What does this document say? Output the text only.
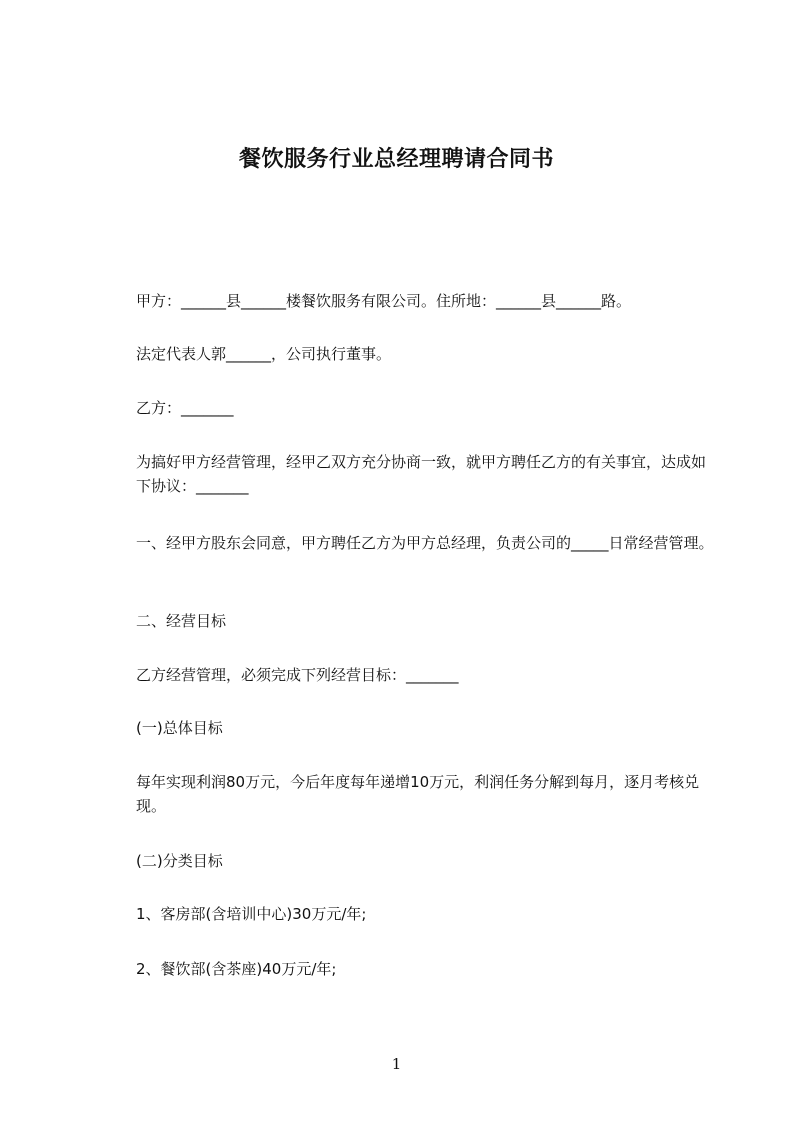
餐饮服务行业总经理聘请合同书

甲方：______县______楼餐饮服务有限公司。住所地：______县______路。

法定代表人郭______，公司执行董事。

乙方：_______

为搞好甲方经营管理，经甲乙双方充分协商一致，就甲方聘任乙方的有关事宜，达成如下协议：_______

一、经甲方股东会同意，甲方聘任乙方为甲方总经理，负责公司的_____日常经营管理。

二、经营目标

乙方经营管理，必须完成下列经营目标：_______

(一)总体目标

每年实现利润80万元，今后年度每年递增10万元，利润任务分解到每月，逐月考核兑现。

(二)分类目标

1、客房部(含培训中心)30万元/年;

2、餐饮部(含茶座)40万元/年;

1
